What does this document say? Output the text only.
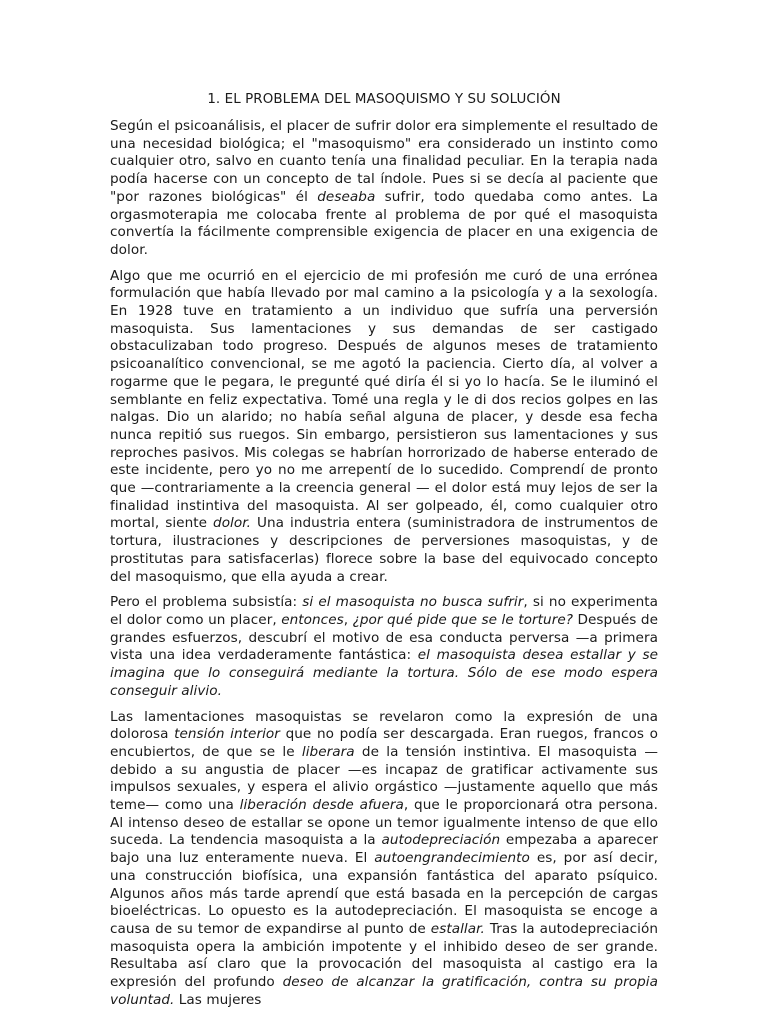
1. EL PROBLEMA DEL MASOQUISMO Y SU SOLUCIÓN

Según el psicoanálisis, el placer de sufrir dolor era simplemente el resultado de una necesidad biológica; el "masoquismo" era considerado un instinto como cualquier otro, salvo en cuanto tenía una finalidad peculiar. En la terapia nada podía hacerse con un concepto de tal índole. Pues si se decía al paciente que "por razones biológicas" él deseaba sufrir, todo quedaba como antes. La orgasmoterapia me colocaba frente al problema de por qué el masoquista convertía la fácilmente comprensible exigencia de placer en una exigencia de dolor.

Algo que me ocurrió en el ejercicio de mi profesión me curó de una errónea formulación que había llevado por mal camino a la psicología y a la sexología. En 1928 tuve en tratamiento a un individuo que sufría una perversión masoquista. Sus lamentaciones y sus demandas de ser castigado obstaculizaban todo progreso. Después de algunos meses de tratamiento psicoanalítico convencional, se me agotó la paciencia. Cierto día, al volver a rogarme que le pegara, le pregunté qué diría él si yo lo hacía. Se le iluminó el semblante en feliz expectativa. Tomé una regla y le di dos recios golpes en las nalgas. Dio un alarido; no había señal alguna de placer, y desde esa fecha nunca repitió sus ruegos. Sin embargo, persistieron sus lamentaciones y sus reproches pasivos. Mis colegas se habrían horrorizado de haberse enterado de este incidente, pero yo no me arrepentí de lo sucedido. Comprendí de pronto que —contrariamente a la creencia general — el dolor está muy lejos de ser la finalidad instintiva del masoquista. Al ser golpeado, él, como cualquier otro mortal, siente dolor. Una industria entera (suministradora de instrumentos de tortura, ilustraciones y descripciones de perversiones masoquistas, y de prostitutas para satisfacerlas) florece sobre la base del equivocado concepto del masoquismo, que ella ayuda a crear.

Pero el problema subsistía: si el masoquista no busca sufrir, si no experimenta el dolor como un placer, entonces, ¿por qué pide que se le torture? Después de grandes esfuerzos, descubrí el motivo de esa conducta perversa —a primera vista una idea verdaderamente fantástica: el masoquista desea estallar y se imagina que lo conseguirá mediante la tortura. Sólo de ese modo espera conseguir alivio.

Las lamentaciones masoquistas se revelaron como la expresión de una dolorosa tensión interior que no podía ser descargada. Eran ruegos, francos o encubiertos, de que se le liberara de la tensión instintiva. El masoquista — debido a su angustia de placer —es incapaz de gratificar activamente sus impulsos sexuales, y espera el alivio orgástico —justamente aquello que más teme— como una liberación desde afuera, que le proporcionará otra persona. Al intenso deseo de estallar se opone un temor igualmente intenso de que ello suceda. La tendencia masoquista a la autodepreciación empezaba a aparecer bajo una luz enteramente nueva. El autoengrandecimiento es, por así decir, una construcción biofísica, una expansión fantástica del aparato psíquico. Algunos años más tarde aprendí que está basada en la percepción de cargas bioeléctricas. Lo opuesto es la autodepreciación. El masoquista se encoge a causa de su temor de expandirse al punto de estallar. Tras la autodepreciación masoquista opera la ambición impotente y el inhibido deseo de ser grande. Resultaba así claro que la provocación del masoquista al castigo era la expresión del profundo deseo de alcanzar la gratificación, contra su propia voluntad. Las mujeres
